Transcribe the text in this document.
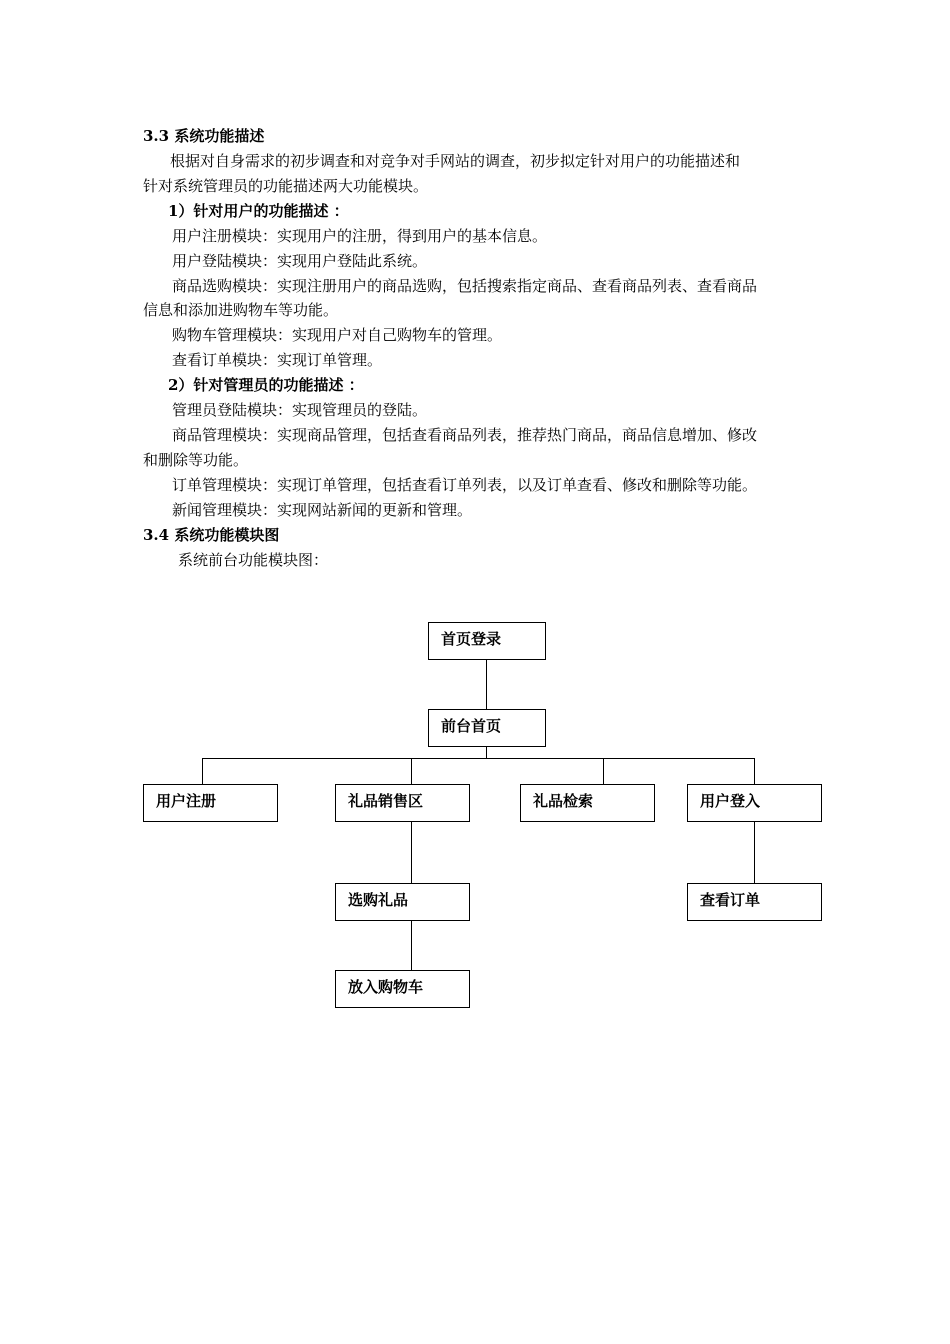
3.3 系统功能描述
根据对自身需求的初步调查和对竞争对手网站的调查，初步拟定针对用户的功能描述和
针对系统管理员的功能描述两大功能模块。
1）针对用户的功能描述 ：
用户注册模块：实现用户的注册，得到用户的基本信息。
用户登陆模块：实现用户登陆此系统。
商品选购模块：实现注册用户的商品选购，包括搜索指定商品、查看商品列表、查看商品
信息和添加进购物车等功能。
购物车管理模块：实现用户对自己购物车的管理。
查看订单模块：实现订单管理。
2）针对管理员的功能描述 ：
管理员登陆模块：实现管理员的登陆。
商品管理模块：实现商品管理，包括查看商品列表，推荐热门商品，商品信息增加、修改
和删除等功能。
订单管理模块：实现订单管理，包括查看订单列表，以及订单查看、修改和删除等功能。
新闻管理模块：实现网站新闻的更新和管理。
3.4 系统功能模块图
系统前台功能模块图：
首页登录
前台首页
用户注册	礼品销售区	礼品检索	用户登入
选购礼品	查看订单
放入购物车
